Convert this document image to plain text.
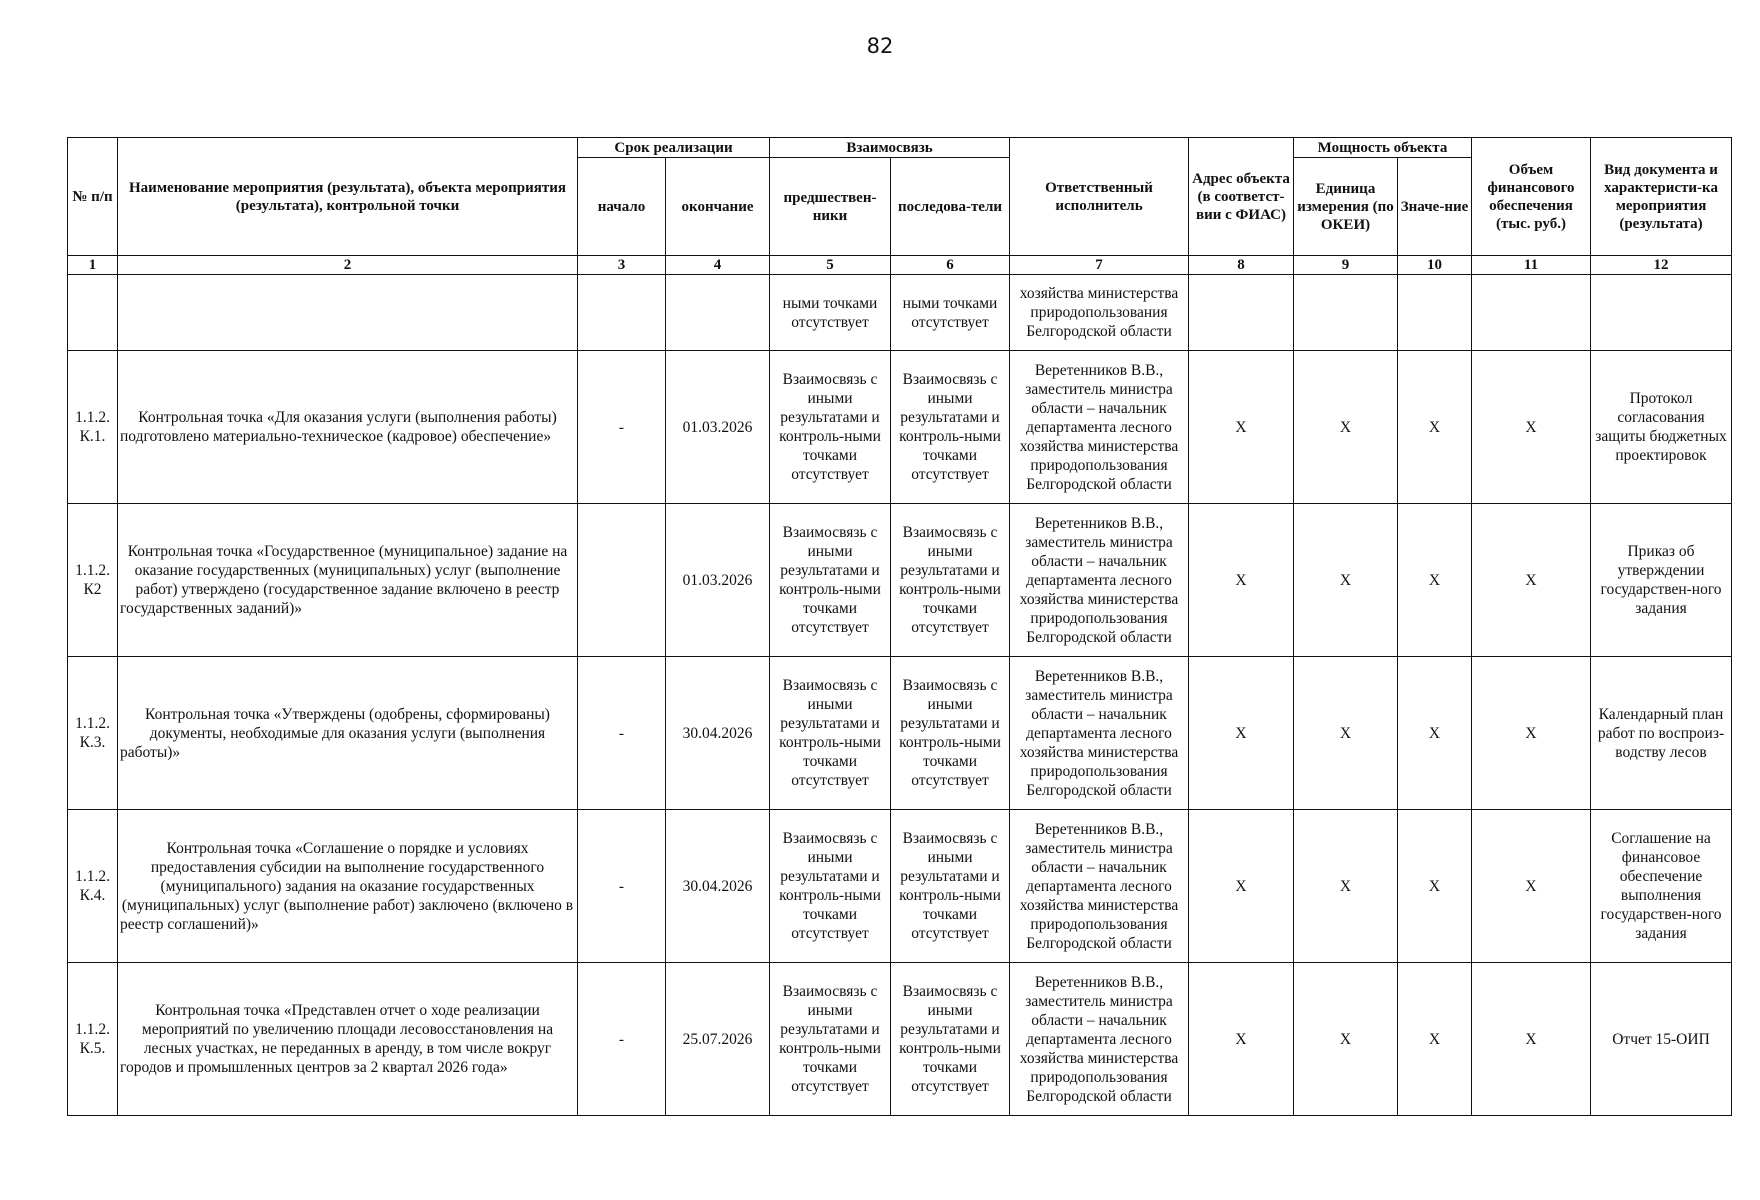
82
№ п/п	Наименование мероприятия (результата), объекта мероприятия (результата), контрольной точки	Срок реализации		Взаимосвязь		Ответственный исполнитель	Адрес объекта (в соответст-вии с ФИАС)	Мощность объекта		Объем финансового обеспечения (тыс. руб.)	Вид документа и характеристи-ка мероприятия (результата)
		начало	окончание	предшествен-ники	последова-тели			Единица измерения (по ОКЕИ)	Значе-ние		
1	2	3	4	5	6	7	8	9	10	11	12
				ными точками отсутствует	ными точками отсутствует	хозяйства министерства природопользования Белгородской области					
1.1.2. К.1.	Контрольная точка «Для оказания услуги (выполнения работы) подготовлено материально-техническое (кадровое) обеспечение»	-	01.03.2026	Взаимосвязь с иными результатами и контроль-ными точками отсутствует	Взаимосвязь с иными результатами и контроль-ными точками отсутствует	Веретенников В.В., заместитель министра области – начальник департамента лесного хозяйства министерства природопользования Белгородской области	X	X	X	X	Протокол согласования защиты бюджетных проектировок
1.1.2. К2	Контрольная точка «Государственное (муниципальное) задание на оказание государственных (муниципальных) услуг (выполнение работ) утверждено (государственное задание включено в реестр государственных заданий)»		01.03.2026	Взаимосвязь с иными результатами и контроль-ными точками отсутствует	Взаимосвязь с иными результатами и контроль-ными точками отсутствует	Веретенников В.В., заместитель министра области – начальник департамента лесного хозяйства министерства природопользования Белгородской области	X	X	X	X	Приказ об утверждении государствен-ного задания
1.1.2. К.3.	Контрольная точка «Утверждены (одобрены, сформированы) документы, необходимые для оказания услуги (выполнения работы)»	-	30.04.2026	Взаимосвязь с иными результатами и контроль-ными точками отсутствует	Взаимосвязь с иными результатами и контроль-ными точками отсутствует	Веретенников В.В., заместитель министра области – начальник департамента лесного хозяйства министерства природопользования Белгородской области	X	X	X	X	Календарный план работ по воспроиз-водству лесов
1.1.2. К.4.	Контрольная точка «Соглашение о порядке и условиях предоставления субсидии на выполнение государственного (муниципального) задания на оказание государственных (муниципальных) услуг (выполнение работ) заключено (включено в реестр соглашений)»	-	30.04.2026	Взаимосвязь с иными результатами и контроль-ными точками отсутствует	Взаимосвязь с иными результатами и контроль-ными точками отсутствует	Веретенников В.В., заместитель министра области – начальник департамента лесного хозяйства министерства природопользования Белгородской области	X	X	X	X	Соглашение на финансовое обеспечение выполнения государствен-ного задания
1.1.2. К.5.	Контрольная точка «Представлен отчет о ходе реализации мероприятий по увеличению площади лесовосстановления на лесных участках, не переданных в аренду, в том числе вокруг городов и промышленных центров за 2 квартал 2026 года»	-	25.07.2026	Взаимосвязь с иными результатами и контроль-ными точками отсутствует	Взаимосвязь с иными результатами и контроль-ными точками отсутствует	Веретенников В.В., заместитель министра области – начальник департамента лесного хозяйства министерства природопользования Белгородской области	X	X	X	X	Отчет 15-ОИП
